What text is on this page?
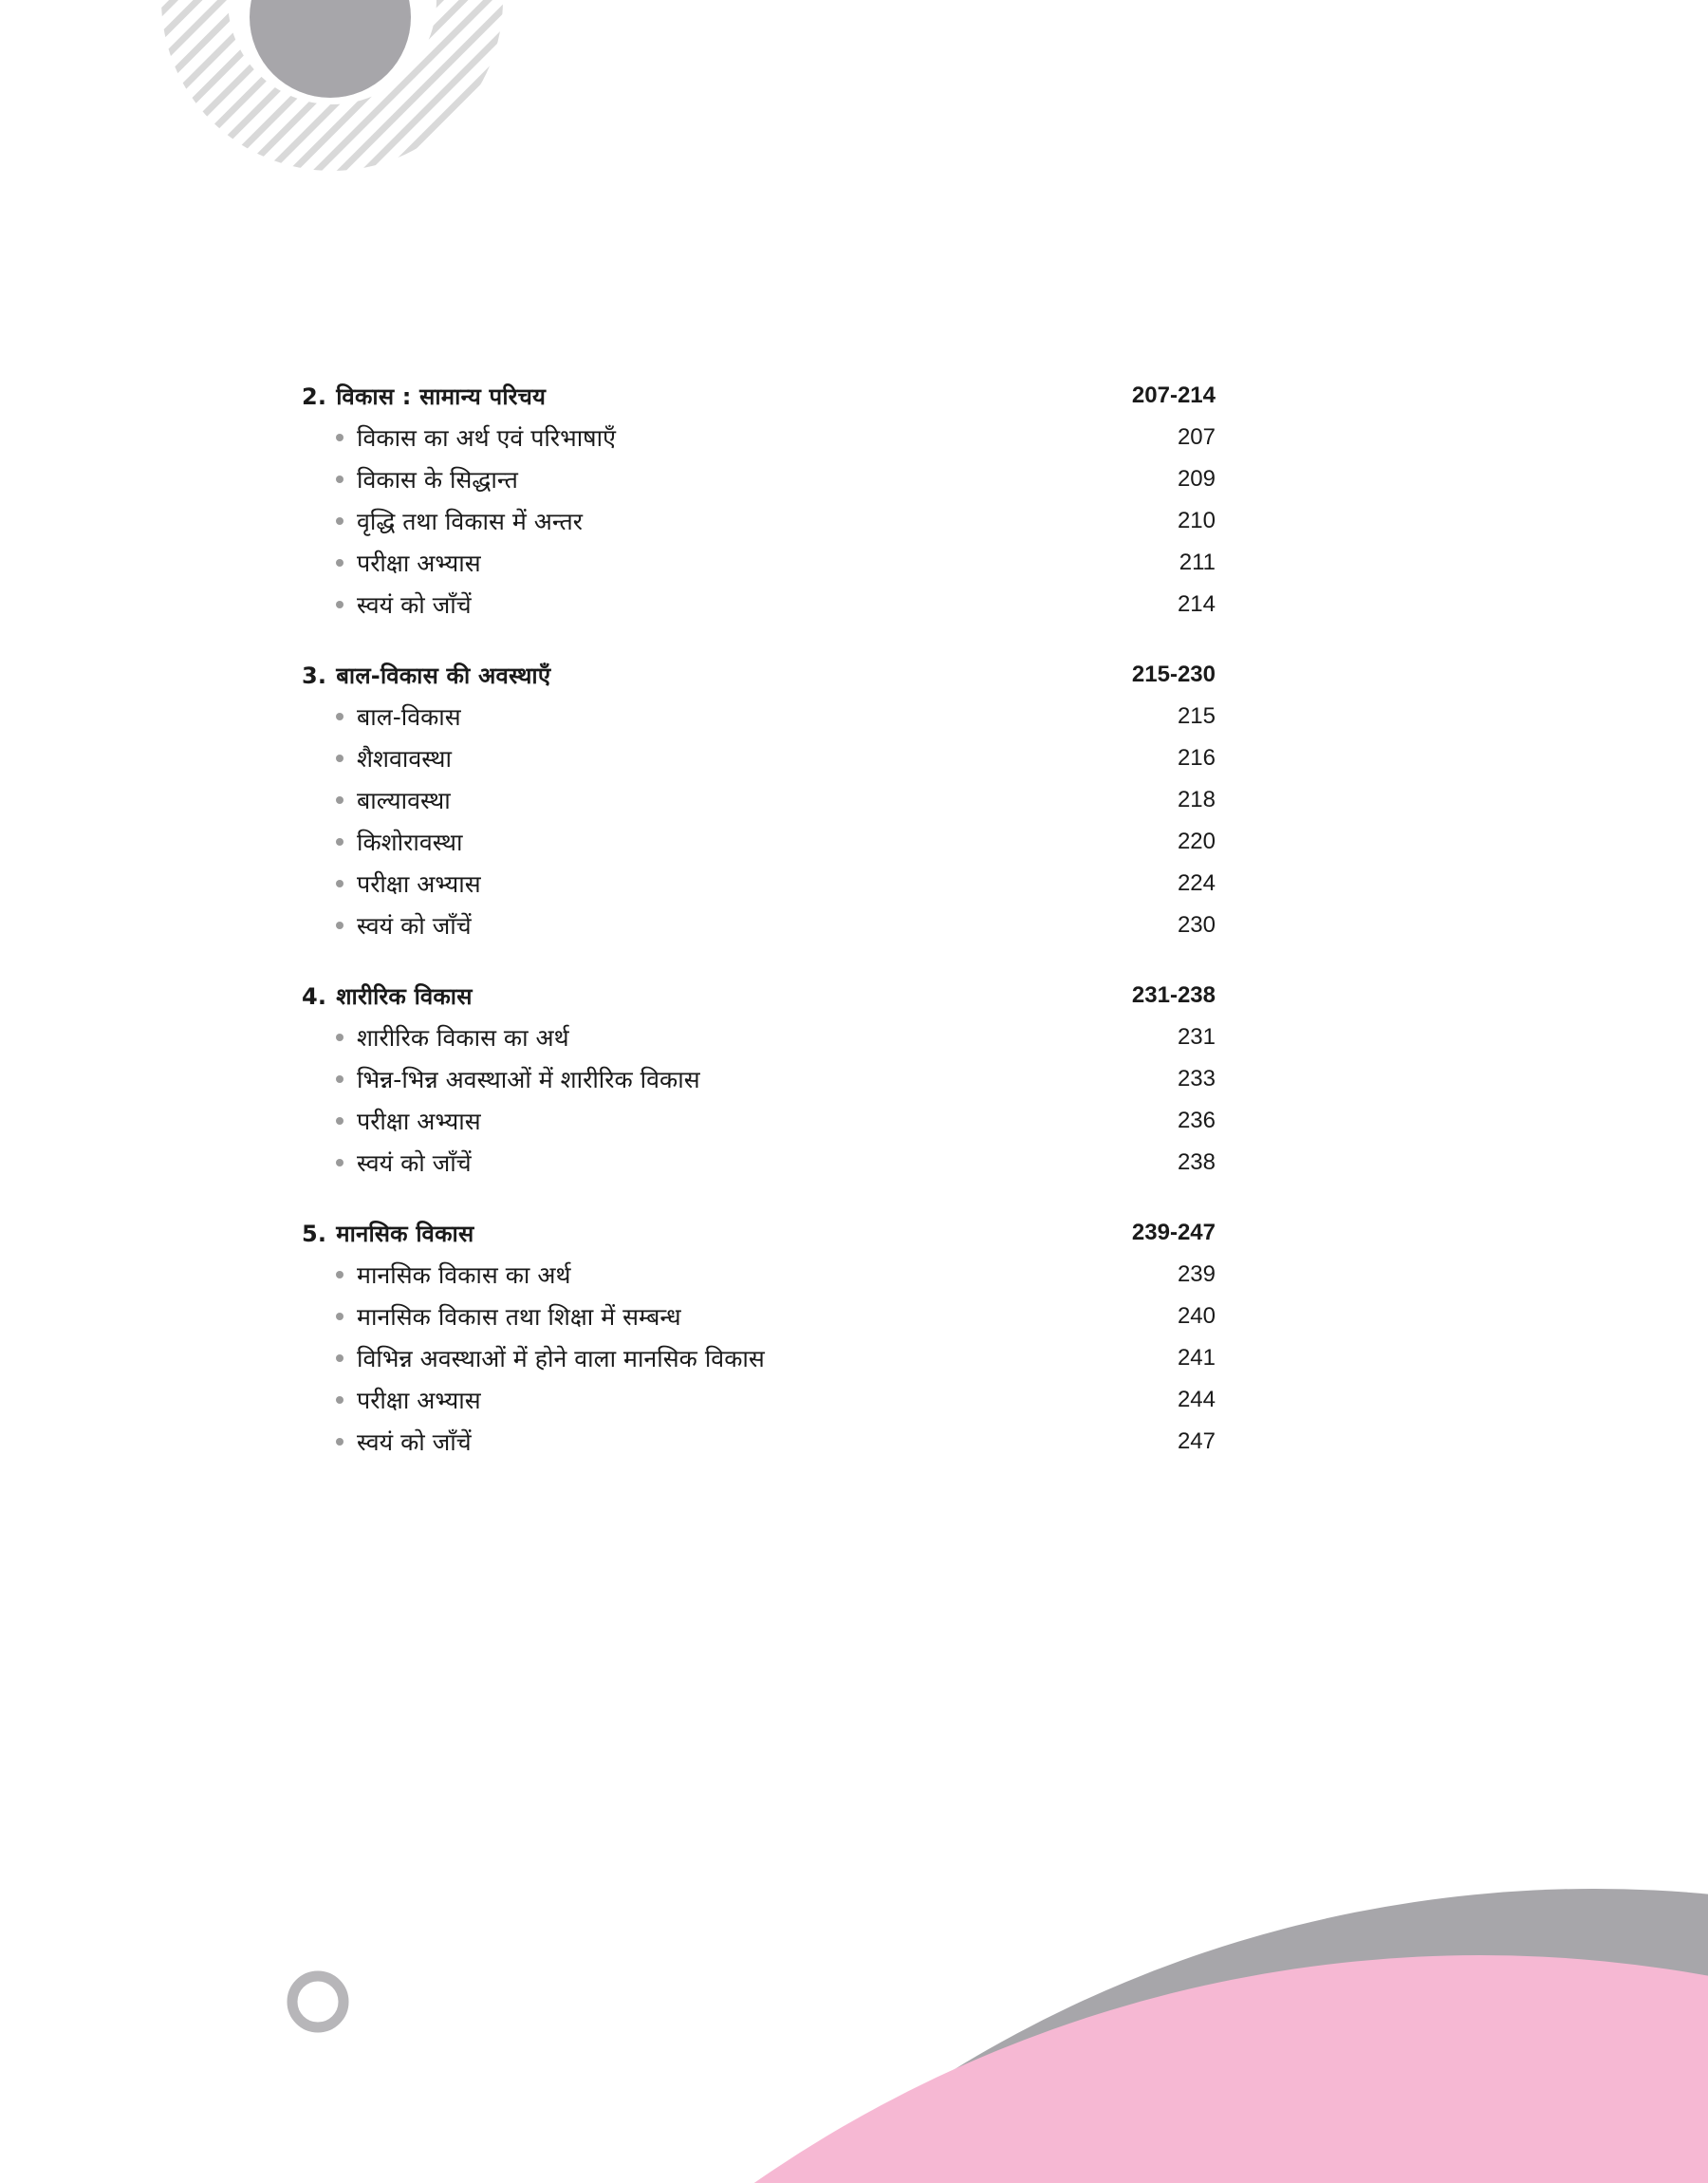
2. विकास : सामान्य परिचय	207-214
विकास का अर्थ एवं परिभाषाएँ	207
विकास के सिद्धान्त	209
वृद्धि तथा विकास में अन्तर	210
परीक्षा अभ्यास	211
स्वयं को जाँचें	214
3. बाल-विकास की अवस्थाएँ	215-230
बाल-विकास	215
शैशवावस्था	216
बाल्यावस्था	218
किशोरावस्था	220
परीक्षा अभ्यास	224
स्वयं को जाँचें	230
4. शारीरिक विकास	231-238
शारीरिक विकास का अर्थ	231
भिन्न-भिन्न अवस्थाओं में शारीरिक विकास	233
परीक्षा अभ्यास	236
स्वयं को जाँचें	238
5. मानसिक विकास	239-247
मानसिक विकास का अर्थ	239
मानसिक विकास तथा शिक्षा में सम्बन्ध	240
विभिन्न अवस्थाओं में होने वाला मानसिक विकास	241
परीक्षा अभ्यास	244
स्वयं को जाँचें	247
